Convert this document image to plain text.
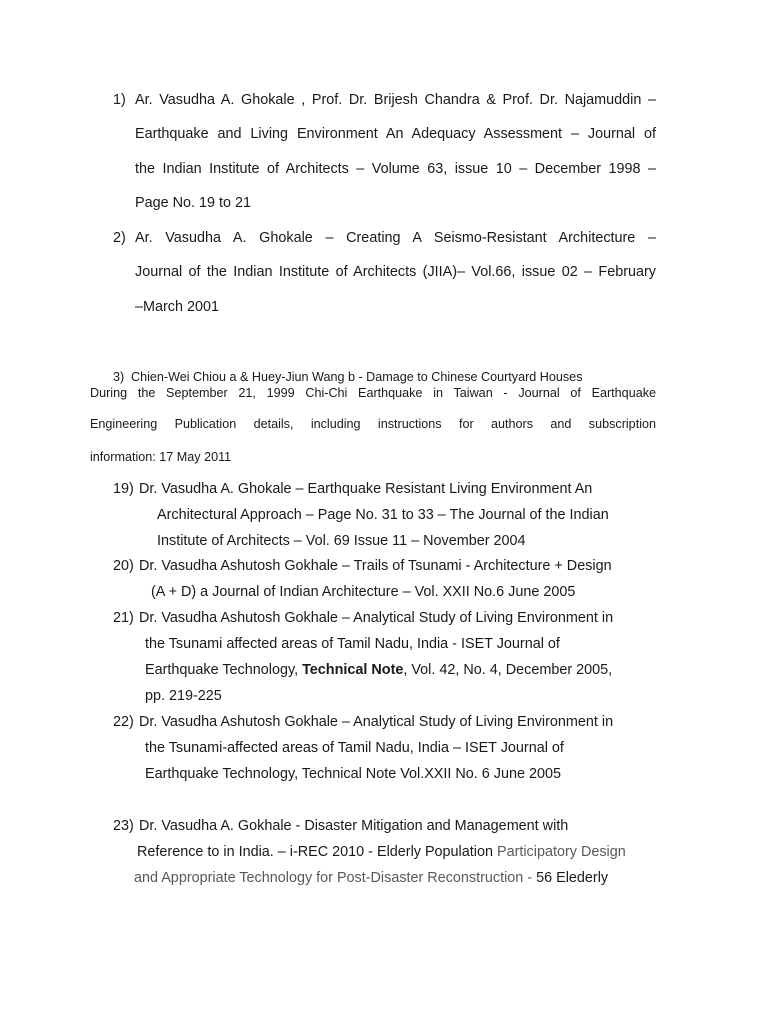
1) Ar. Vasudha A. Ghokale , Prof. Dr. Brijesh Chandra & Prof. Dr. Najamuddin –

Earthquake and Living Environment An Adequacy Assessment – Journal of

the Indian Institute of Architects – Volume 63, issue 10 – December 1998 –

Page No. 19 to 21

2) Ar. Vasudha A. Ghokale – Creating A Seismo-Resistant Architecture –

Journal of the Indian Institute of Architects (JIIA)– Vol.66, issue 02 – February

–March 2001

3) Chien-Wei Chiou a & Huey-Jiun Wang b - Damage to Chinese Courtyard Houses

During the September 21, 1999 Chi-Chi Earthquake in Taiwan - Journal of Earthquake

Engineering Publication details, including instructions for authors and subscription

information: 17 May 2011

19) Dr. Vasudha A. Ghokale – Earthquake Resistant Living Environment An

Architectural Approach – Page No. 31 to 33 – The Journal of the Indian

Institute of Architects – Vol. 69 Issue 11 – November 2004

20) Dr. Vasudha Ashutosh Gokhale – Trails of Tsunami - Architecture + Design

(A + D) a Journal of Indian Architecture – Vol. XXII No.6 June 2005

21) Dr. Vasudha Ashutosh Gokhale – Analytical Study of Living Environment in

the Tsunami affected areas of Tamil Nadu, India - ISET Journal of

Earthquake Technology, Technical Note, Vol. 42, No. 4, December 2005,

pp. 219-225

22) Dr. Vasudha Ashutosh Gokhale – Analytical Study of Living Environment in

the Tsunami-affected areas of Tamil Nadu, India – ISET Journal of

Earthquake Technology, Technical Note Vol.XXII No. 6 June 2005

23) Dr. Vasudha A. Gokhale - Disaster Mitigation and Management with

Reference to in India. – i-REC 2010 - Elderly Population Participatory Design

and Appropriate Technology for Post-Disaster Reconstruction - 56 Elederly
